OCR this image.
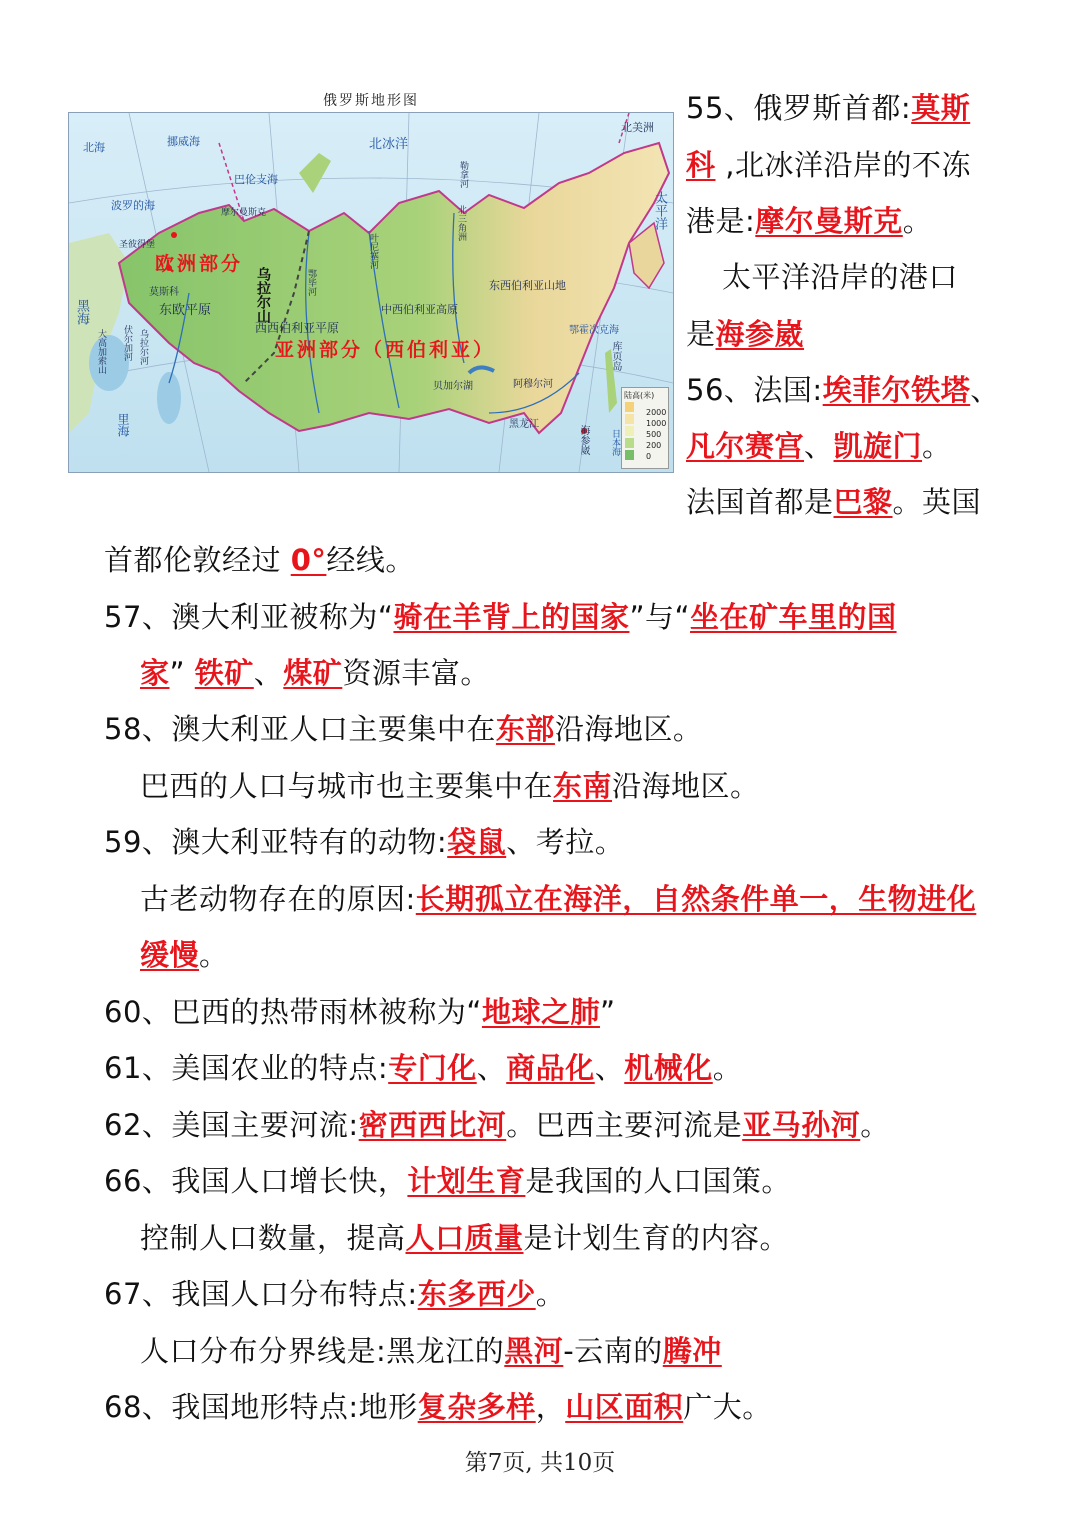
俄罗斯地形图
北海	挪威海
巴伦支海
北冰洋
北美洲
波罗的海
摩尔曼斯克
圣彼得堡
太平洋
欧洲部分
莫斯科
东欧平原
黑海
里海
乌拉尔山
乌拉尔河
伏尔加河
大高加索山
鄂毕河
叶尼塞河
勒拿河
北三角洲
西西伯利亚平原
中西伯利亚高原
东西伯利亚山地
亚洲部分（西伯利亚）
鄂霍次克海
贝加尔湖	阿穆尔河
黑龙江
库页岛
海参崴 日本海
陆高(米)
2000
1000
500
200
0
55、俄罗斯首都:莫斯
科 ,北冰洋沿岸的不冻
港是:摩尔曼斯克。
太平洋沿岸的港口
是海参崴
56、法国:埃菲尔铁塔、
凡尔赛宫、凯旋门。
法国首都是巴黎。英国
首都伦敦经过 0°经线。
57、澳大利亚被称为“骑在羊背上的国家”与“坐在矿车里的国
家” 铁矿、煤矿资源丰富。
58、澳大利亚人口主要集中在东部沿海地区。
巴西的人口与城市也主要集中在东南沿海地区。
59、澳大利亚特有的动物:袋鼠、考拉。
古老动物存在的原因:长期孤立在海洋，自然条件单一，生物进化
缓慢。
60、巴西的热带雨林被称为“地球之肺”
61、美国农业的特点:专门化、商品化、机械化。
62、美国主要河流:密西西比河。巴西主要河流是亚马孙河。
66、我国人口增长快，计划生育是我国的人口国策。
控制人口数量，提高人口质量是计划生育的内容。
67、我国人口分布特点:东多西少。
人口分布分界线是:黑龙江的黑河-云南的腾冲
68、我国地形特点:地形复杂多样，山区面积广大。
第7页, 共10页
